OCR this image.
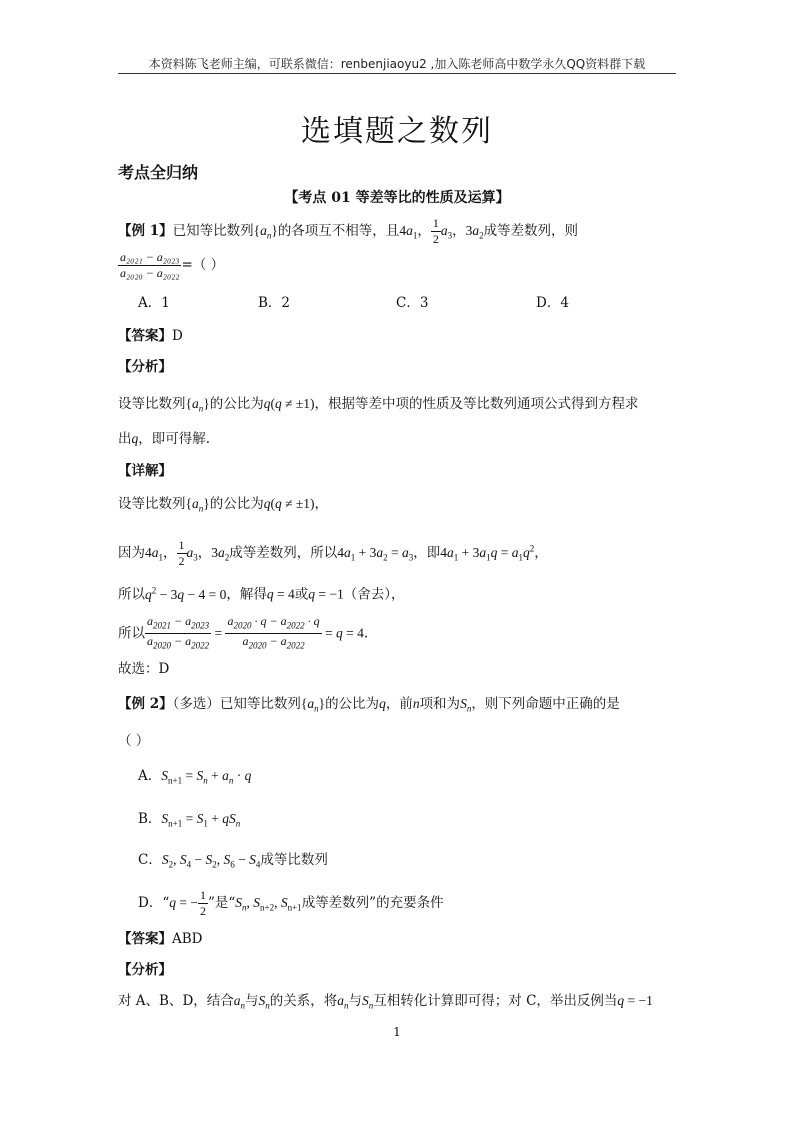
本资料陈飞老师主编，可联系微信：renbenjiaoyu2 ,加入陈老师高中数学永久QQ资料群下载
选填题之数列
考点全归纳
【考点 01 等差等比的性质及运算】
【例 1】已知等比数列$\{a_n\}$的各项互不相等，且$4a_1$， $\frac{1}{2} a_3$，$3a_2$成等差数列，则
$\frac{\text{a₂₀₂₁ − a₂₀₂₃}}{\text{a₂₀₂₀ − a₂₀₂₂}}$ =（ ）
A．1	B．2	C．3	D．4
【答案】D
【分析】
设等比数列$\{a_n\}$的公比为q(q ≠ ±1)，根据等差中项的性质及等比数列通项公式得到方程求
出q，即可得解.
【详解】
设等比数列$\{a_n\}$的公比为q(q ≠ ±1)，
因为$4a_1$， $\frac{1}{2} a_3$，$3a_2$成等差数列，所以$4a_1 + 3a_2 = a_3$，即$4a_1 + 3a_1q = a_1q^2$，
所以$q^2 - 3q - 4 = 0$，解得q = 4或q = −1（舍去），
所以 $\frac{a_{2021} - a_{2023}}{a_{2020} - a_{2022}} = \frac{a_{2020} \cdot q - a_{2022} \cdot q}{a_{2020} - a_{2022}} = q = 4$.
故选：D
【例 2】（多选）已知等比数列$\{a_n\}$的公比为q，前n项和为$S_n$，则下列命题中正确的是
（ ）
A．$S_{n+1} = S_n + a_n \cdot q$
B．$S_{n+1} = S_1 + qS_n$
C．$S_2$, $S_4 - S_2$, $S_6 - S_4$成等比数列
D．“q = − $\frac{1}{2}$ ”是“$S_n$, $S_{n+2}$, $S_{n+1}$成等差数列”的充要条件
【答案】ABD
【分析】
对 A、B、D，结合$a_n$与$S_n$的关系，将$a_n$与$S_n$互相转化计算即可得；对 C，举出反例当q = −1
1
